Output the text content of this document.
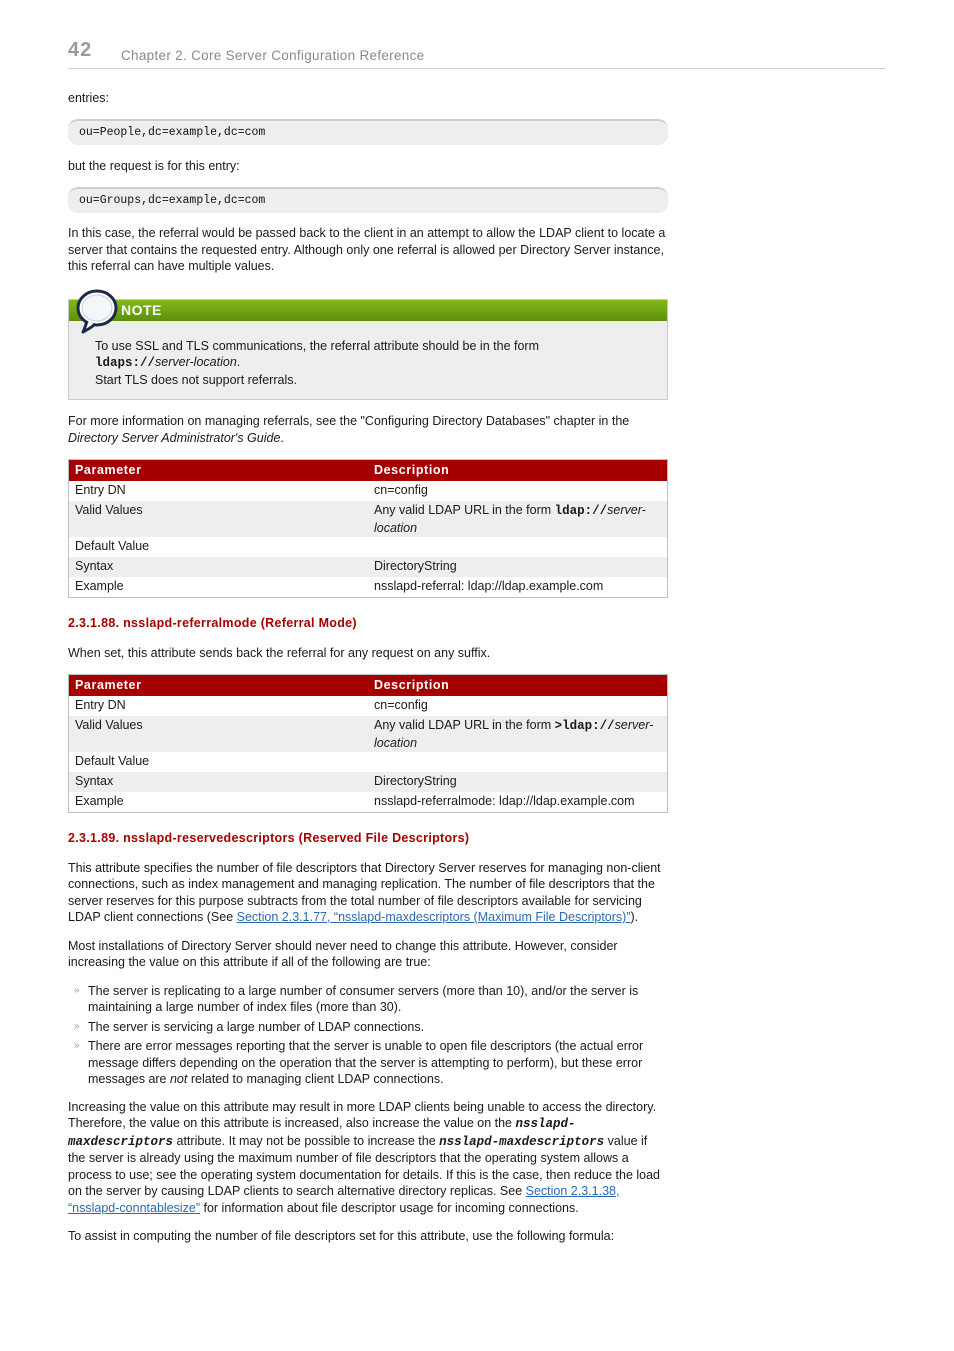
42 Chapter 2. Core Server Configuration Reference

entries:

ou=People,dc=example,dc=com

but the request is for this entry:

ou=Groups,dc=example,dc=com

In this case, the referral would be passed back to the client in an attempt to allow the LDAP client to locate a server that contains the requested entry. Although only one referral is allowed per Directory Server instance, this referral can have multiple values.

NOTE

To use SSL and TLS communications, the referral attribute should be in the form

ldaps://server-location.

Start TLS does not support referrals.

For more information on managing referrals, see the "Configuring Directory Databases" chapter in the
Directory Server Administrator's Guide.

Parameter	Description
Entry DN	cn=config
Valid Values	Any valid LDAP URL in the form ldap://server-location
Default Value	
Syntax	DirectoryString
Example	nsslapd-referral: ldap://ldap.example.com
2.3.1.88. nsslapd-referralmode (Referral Mode)

When set, this attribute sends back the referral for any request on any suffix.

Parameter	Description
Entry DN	cn=config
Valid Values	Any valid LDAP URL in the form >ldap://server-location
Default Value	
Syntax	DirectoryString
Example	nsslapd-referralmode: ldap://ldap.example.com
2.3.1.89. nsslapd-reservedescriptors (Reserved File Descriptors)

This attribute specifies the number of file descriptors that Directory Server reserves for managing non-client connections, such as index management and managing replication. The number of file descriptors that the server reserves for this purpose subtracts from the total number of file descriptors available for servicing LDAP client connections (See Section 2.3.1.77, “nsslapd-maxdescriptors (Maximum File Descriptors)”).

Most installations of Directory Server should never need to change this attribute. However, consider increasing the value on this attribute if all of the following are true:

» The server is replicating to a large number of consumer servers (more than 10), and/or the server is maintaining a large number of index files (more than 30).
» The server is servicing a large number of LDAP connections.
» There are error messages reporting that the server is unable to open file descriptors (the actual error message differs depending on the operation that the server is attempting to perform), but these error messages are not related to managing client LDAP connections.

Increasing the value on this attribute may result in more LDAP clients being unable to access the directory. Therefore, the value on this attribute is increased, also increase the value on the nsslapd-maxdescriptors attribute. It may not be possible to increase the nsslapd-maxdescriptors value if the server is already using the maximum number of file descriptors that the operating system allows a process to use; see the operating system documentation for details. If this is the case, then reduce the load on the server by causing LDAP clients to search alternative directory replicas. See Section 2.3.1.38, “nsslapd-conntablesize” for information about file descriptor usage for incoming connections.

To assist in computing the number of file descriptors set for this attribute, use the following formula:
